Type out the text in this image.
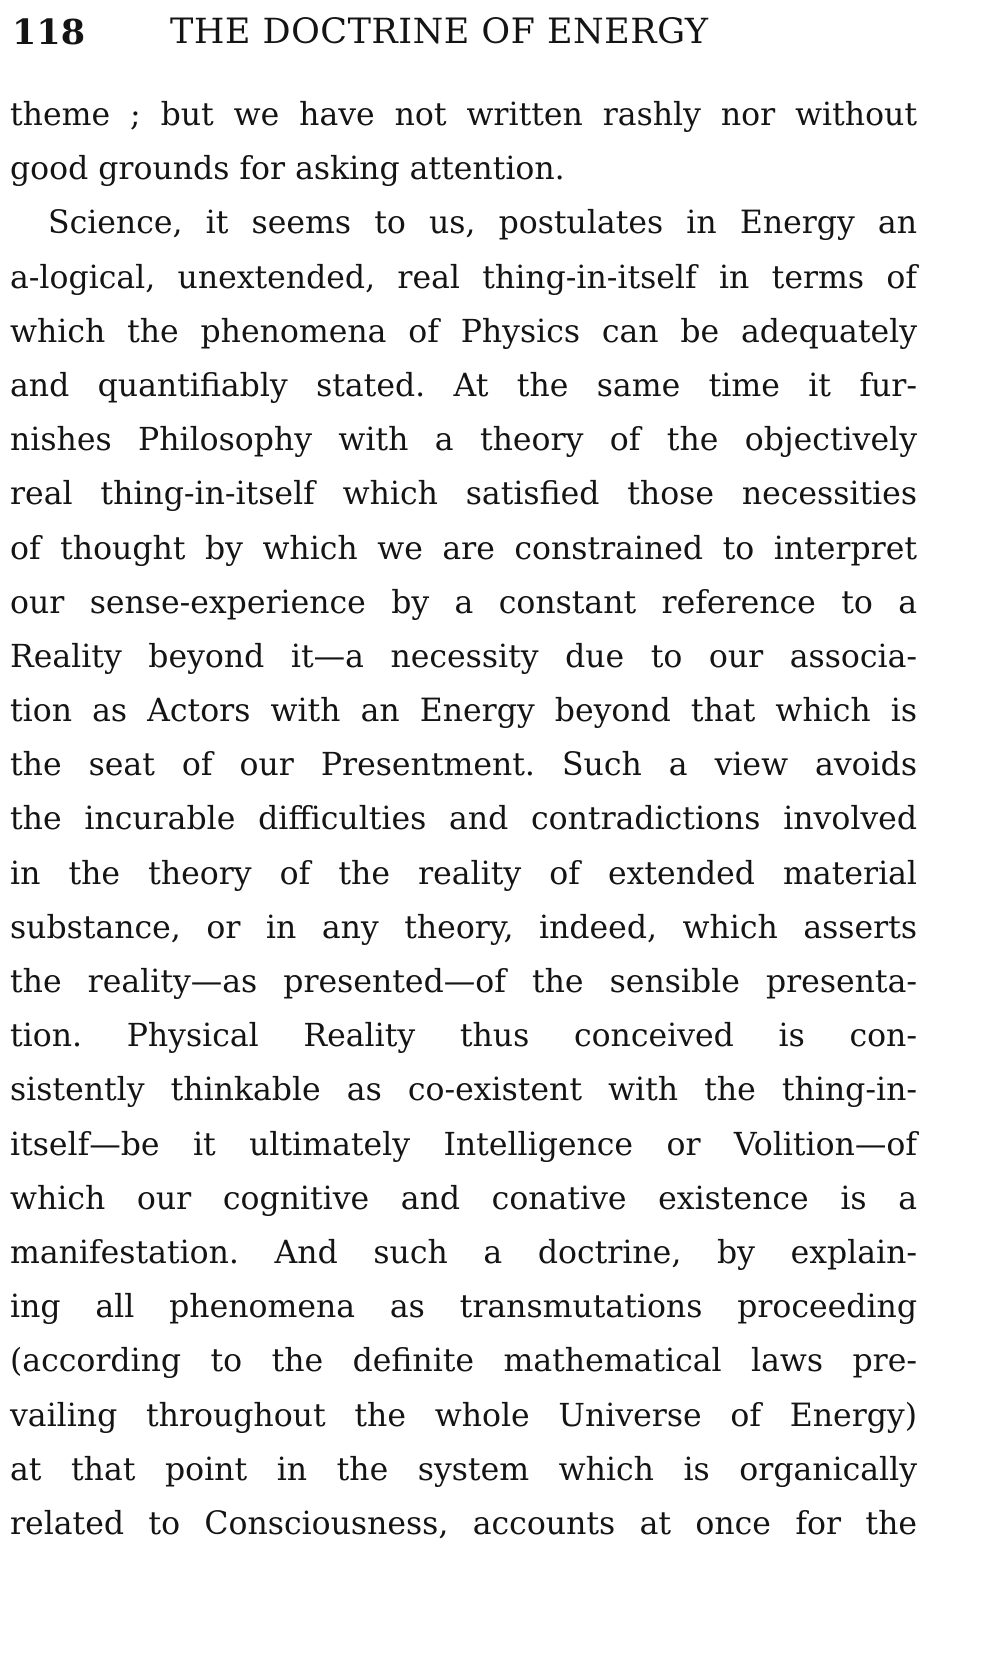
118 THE DOCTRINE OF ENERGY
theme ; but we have not written rashly nor without
good grounds for asking attention.
Science, it seems to us, postulates in Energy an
a-logical, unextended, real thing-in-itself in terms of
which the phenomena of Physics can be adequately
and quantifiably stated. At the same time it fur-
nishes Philosophy with a theory of the objectively
real thing-in-itself which satisfied those necessities
of thought by which we are constrained to interpret
our sense-experience by a constant reference to a
Reality beyond it—a necessity due to our associa-
tion as Actors with an Energy beyond that which is
the seat of our Presentment. Such a view avoids
the incurable difficulties and contradictions involved
in the theory of the reality of extended material
substance, or in any theory, indeed, which asserts
the reality—as presented—of the sensible presenta-
tion. Physical Reality thus conceived is con-
sistently thinkable as co-existent with the thing-in-
itself—be it ultimately Intelligence or Volition—of
which our cognitive and conative existence is a
manifestation. And such a doctrine, by explain-
ing all phenomena as transmutations proceeding
(according to the definite mathematical laws pre-
vailing throughout the whole Universe of Energy)
at that point in the system which is organically
related to Consciousness, accounts at once for the
